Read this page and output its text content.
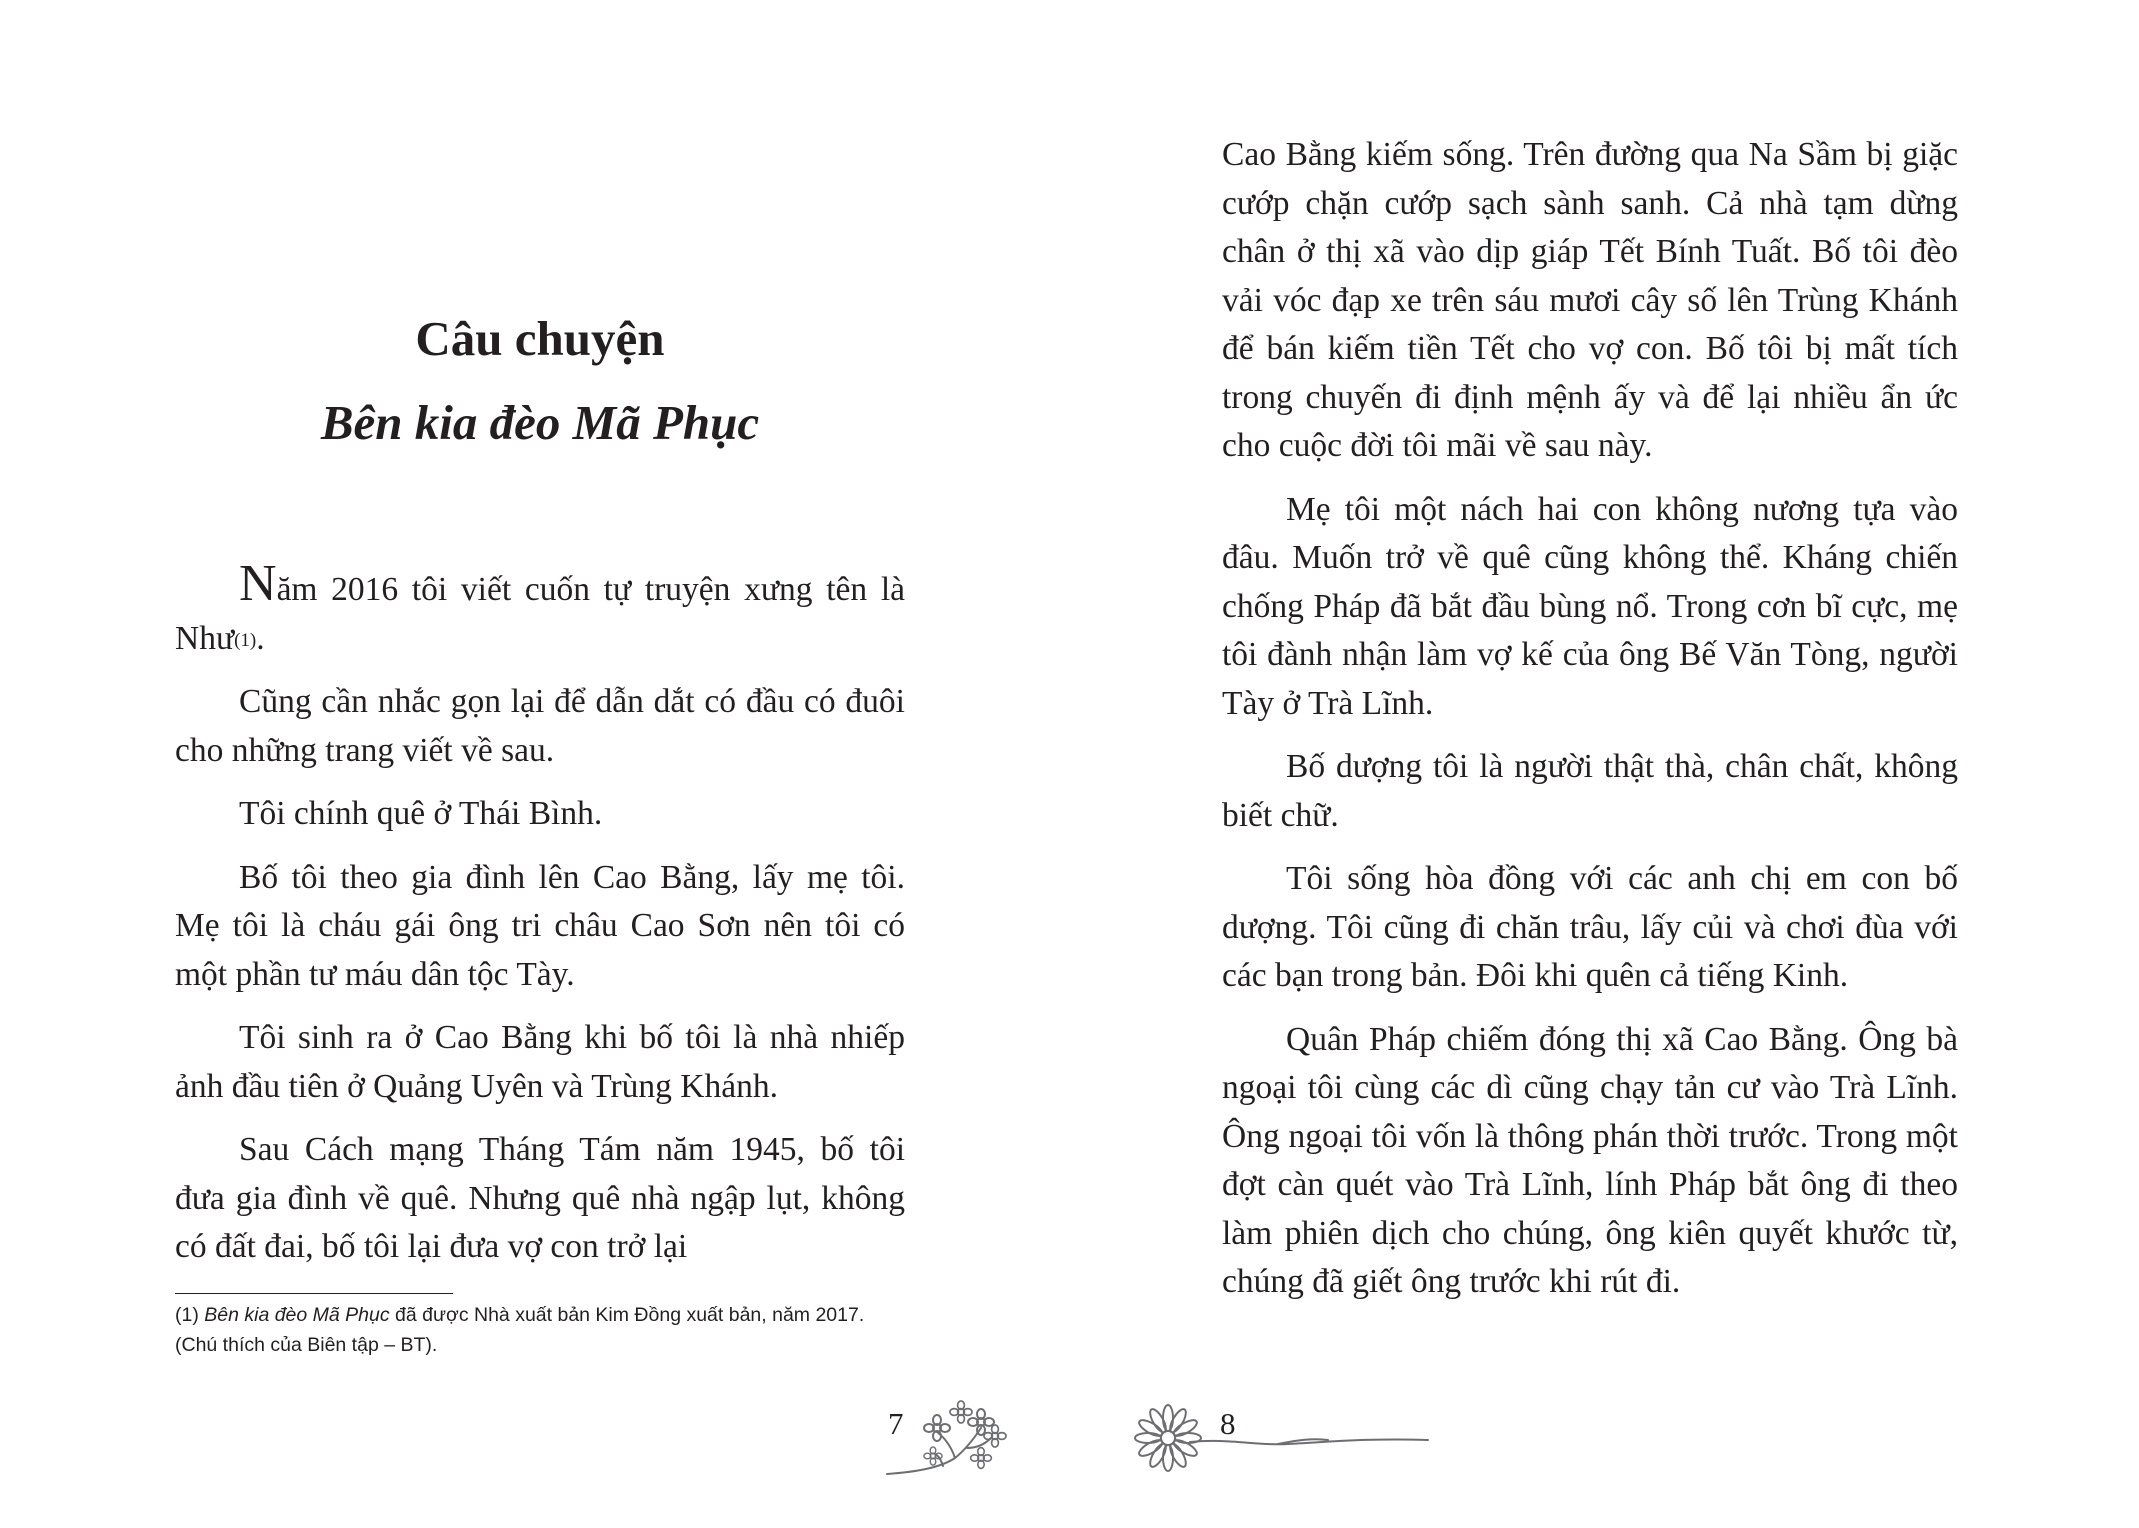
Câu chuyện
Bên kia đèo Mã Phục

Năm 2016 tôi viết cuốn tự truyện xưng tên là Như$^{(1)}$.

Cũng cần nhắc gọn lại để dẫn dắt có đầu có đuôi cho những trang viết về sau.

Tôi chính quê ở Thái Bình.

Bố tôi theo gia đình lên Cao Bằng, lấy mẹ tôi. Mẹ tôi là cháu gái ông tri châu Cao Sơn nên tôi có một phần tư máu dân tộc Tày.

Tôi sinh ra ở Cao Bằng khi bố tôi là nhà nhiếp ảnh đầu tiên ở Quảng Uyên và Trùng Khánh.

Sau Cách mạng Tháng Tám năm 1945, bố tôi đưa gia đình về quê. Nhưng quê nhà ngập lụt, không có đất đai, bố tôi lại đưa vợ con trở lại

(1) Bên kia đèo Mã Phục đã được Nhà xuất bản Kim Đồng xuất bản, năm 2017. (Chú thích của Biên tập – BT).
7

Cao Bằng kiếm sống. Trên đường qua Na Sầm bị giặc cướp chặn cướp sạch sành sanh. Cả nhà tạm dừng chân ở thị xã vào dịp giáp Tết Bính Tuất. Bố tôi đèo vải vóc đạp xe trên sáu mươi cây số lên Trùng Khánh để bán kiếm tiền Tết cho vợ con. Bố tôi bị mất tích trong chuyến đi định mệnh ấy và để lại nhiều ẩn ức cho cuộc đời tôi mãi về sau này.

Mẹ tôi một nách hai con không nương tựa vào đâu. Muốn trở về quê cũng không thể. Kháng chiến chống Pháp đã bắt đầu bùng nổ. Trong cơn bĩ cực, mẹ tôi đành nhận làm vợ kế của ông Bế Văn Tòng, người Tày ở Trà Lĩnh.

Bố dượng tôi là người thật thà, chân chất, không biết chữ.

Tôi sống hòa đồng với các anh chị em con bố dượng. Tôi cũng đi chăn trâu, lấy củi và chơi đùa với các bạn trong bản. Đôi khi quên cả tiếng Kinh.

Quân Pháp chiếm đóng thị xã Cao Bằng. Ông bà ngoại tôi cùng các dì cũng chạy tản cư vào Trà Lĩnh. Ông ngoại tôi vốn là thông phán thời trước. Trong một đợt càn quét vào Trà Lĩnh, lính Pháp bắt ông đi theo làm phiên dịch cho chúng, ông kiên quyết khước từ, chúng đã giết ông trước khi rút đi.

8
